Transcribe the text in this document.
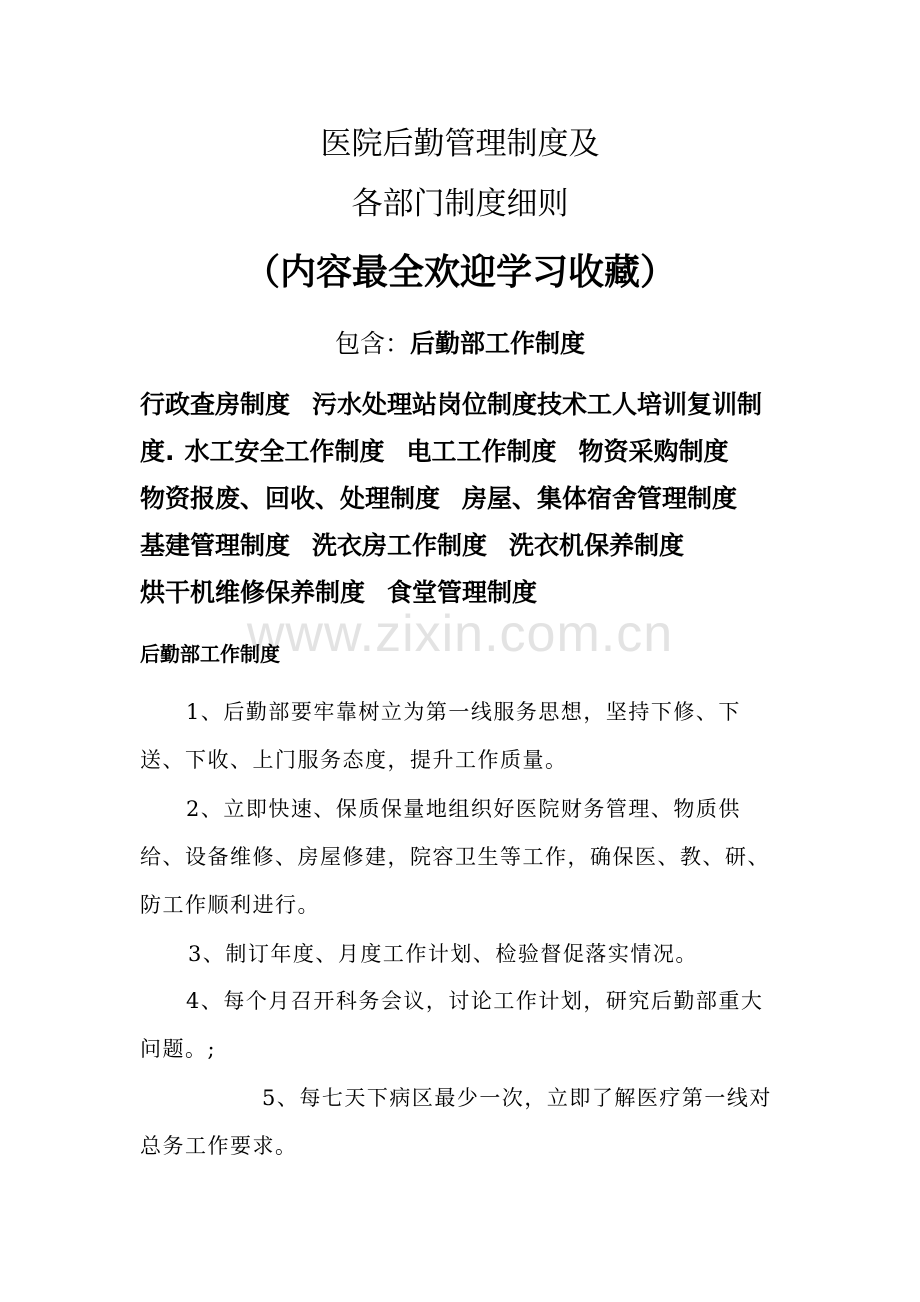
医院后勤管理制度及
各部门制度细则
（内容最全欢迎学习收藏）
包含：后勤部工作制度
行政查房制度 污水处理站岗位制度技术工人培训复训制度. 水工安全工作制度 电工工作制度 物资采购制度物资报废、回收、处理制度 房屋、集体宿舍管理制度基建管理制度 洗衣房工作制度 洗衣机保养制度烘干机维修保养制度 食堂管理制度
www.zixin.com.cn
后勤部工作制度
1、后勤部要牢靠树立为第一线服务思想，坚持下修、下送、下收、上门服务态度，提升工作质量。
2、立即快速、保质保量地组织好医院财务管理、物质供给、设备维修、房屋修建，院容卫生等工作，确保医、教、研、防工作顺利进行。
3、制订年度、月度工作计划、检验督促落实情况。
4、每个月召开科务会议，讨论工作计划，研究后勤部重大问题。;
5、每七天下病区最少一次，立即了解医疗第一线对总务工作要求。
